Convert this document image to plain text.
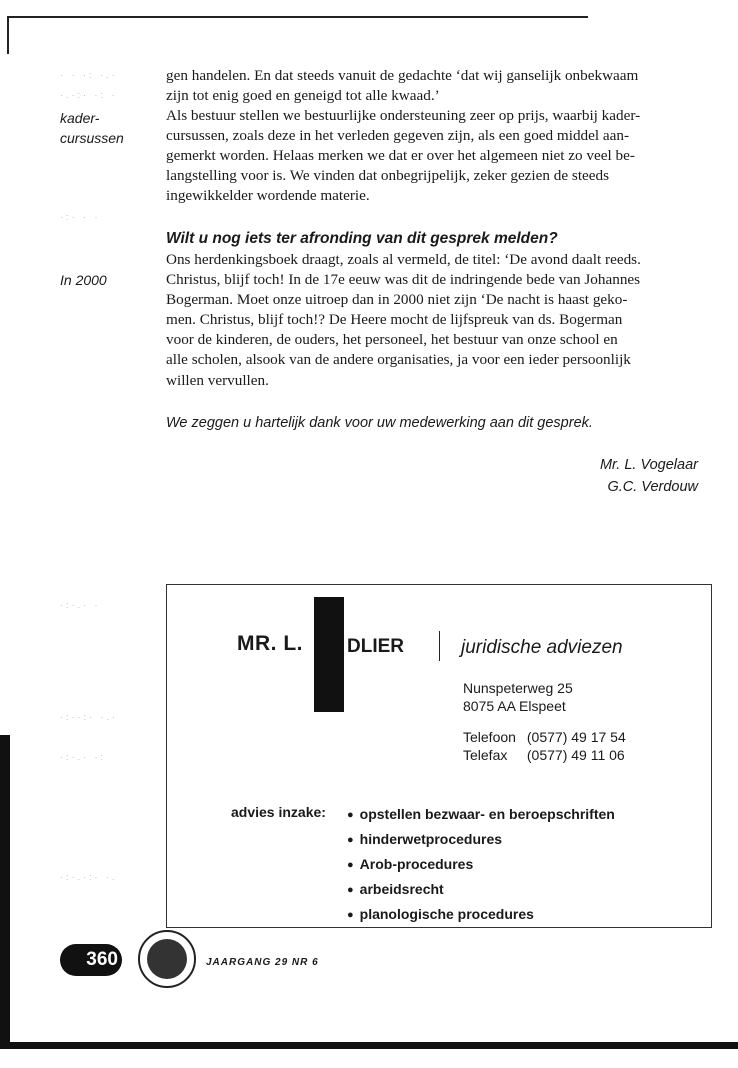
· · ·: ·.·
·.·:· ·: ·
·:· · ·
·:·.· ·
·:··:· ·.·
·:·.· ·:
·:·.·:· ·.
kader-
cursussen
In 2000
gen handelen. En dat steeds vanuit de gedachte ‘dat wij ganselijk onbekwaam
zijn tot enig goed en geneigd tot alle kwaad.’
Als bestuur stellen we bestuurlijke ondersteuning zeer op prijs, waarbij kader-
cursussen, zoals deze in het verleden gegeven zijn, als een goed middel aan-
gemerkt worden. Helaas merken we dat er over het algemeen niet zo veel be-
langstelling voor is. We vinden dat onbegrijpelijk, zeker gezien de steeds
ingewikkelder wordende materie.
Wilt u nog iets ter afronding van dit gesprek melden?
Ons herdenkingsboek draagt, zoals al vermeld, de titel: ‘De avond daalt reeds.
Christus, blijf toch! In de 17e eeuw was dit de indringende bede van Johannes
Bogerman. Moet onze uitroep dan in 2000 niet zijn ‘De nacht is haast geko-
men. Christus, blijf toch!? De Heere mocht de lijfspreuk van ds. Bogerman
voor de kinderen, de ouders, het personeel, het bestuur van onze school en
alle scholen, alsook van de andere organisaties, ja voor een ieder persoonlijk
willen vervullen.
We zeggen u hartelijk dank voor uw medewerking aan dit gesprek.
Mr. L. Vogelaar
G.C. Verdouw
MR. L. DLIER	juridische adviezen
Nunspeterweg 25
8075 AA Elspeet
Telefoon (0577) 49 17 54
Telefax (0577) 49 11 06
advies inzake:
●	opstellen bezwaar- en beroepschriften
● hinderwetprocedures
● Arob-procedures
● arbeidsrecht
● planologische procedures
360	JAARGANG 29 NR 6
